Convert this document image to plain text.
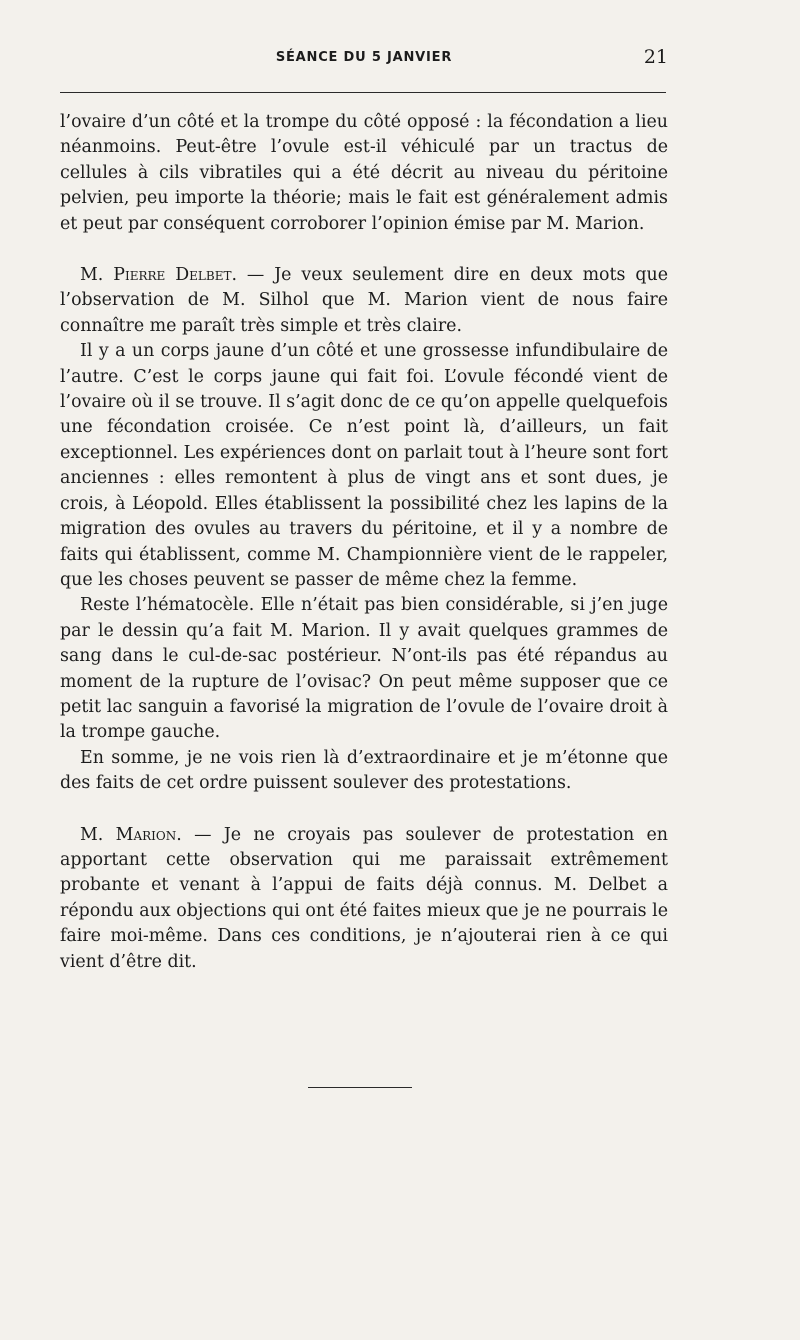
SÉANCE DU 5 JANVIER	21

l’ovaire d’un côté et la trompe du côté opposé : la fécondation a lieu néanmoins. Peut-être l’ovule est-il véhiculé par un tractus de cellules à cils vibratiles qui a été décrit au niveau du péritoine pelvien, peu importe la théorie; mais le fait est généralement admis et peut par conséquent corroborer l’opinion émise par M. Marion.

M. Pierre Delbet. — Je veux seulement dire en deux mots que l’observation de M. Silhol que M. Marion vient de nous faire connaître me paraît très simple et très claire.

Il y a un corps jaune d’un côté et une grossesse infundibulaire de l’autre. C’est le corps jaune qui fait foi. L’ovule fécondé vient de l’ovaire où il se trouve. Il s’agit donc de ce qu’on appelle quelquefois une fécondation croisée. Ce n’est point là, d’ailleurs, un fait exceptionnel. Les expériences dont on parlait tout à l’heure sont fort anciennes : elles remontent à plus de vingt ans et sont dues, je crois, à Léopold. Elles établissent la possibilité chez les lapins de la migration des ovules au travers du péritoine, et il y a nombre de faits qui établissent, comme M. Championnière vient de le rappeler, que les choses peuvent se passer de même chez la femme.

Reste l’hématocèle. Elle n’était pas bien considérable, si j’en juge par le dessin qu’a fait M. Marion. Il y avait quelques grammes de sang dans le cul-de-sac postérieur. N’ont-ils pas été répandus au moment de la rupture de l’ovisac? On peut même supposer que ce petit lac sanguin a favorisé la migration de l’ovule de l’ovaire droit à la trompe gauche.

En somme, je ne vois rien là d’extraordinaire et je m’étonne que des faits de cet ordre puissent soulever des protestations.

M. Marion. — Je ne croyais pas soulever de protestation en apportant cette observation qui me paraissait extrêmement probante et venant à l’appui de faits déjà connus. M. Delbet a répondu aux objections qui ont été faites mieux que je ne pourrais le faire moi-même. Dans ces conditions, je n’ajouterai rien à ce qui vient d’être dit.
